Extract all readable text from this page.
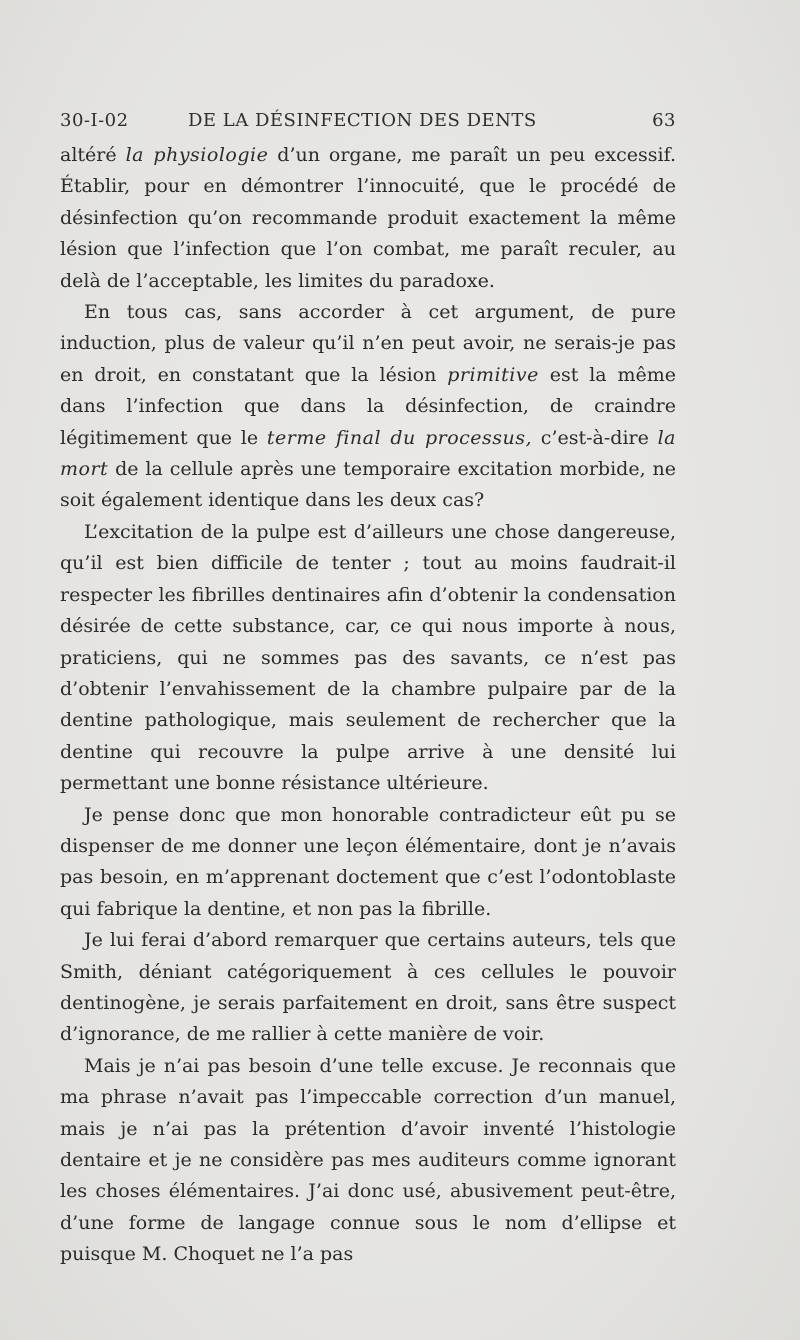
30-I-02	DE LA DÉSINFECTION DES DENTS	63

altéré la physiologie d’un organe, me paraît un peu excessif. Établir, pour en démontrer l’innocuité, que le procédé de désinfection qu’on recommande produit exactement la même lésion que l’infection que l’on combat, me paraît reculer, au delà de l’acceptable, les limites du paradoxe.

En tous cas, sans accorder à cet argument, de pure induction, plus de valeur qu’il n’en peut avoir, ne serais-je pas en droit, en constatant que la lésion primitive est la même dans l’infection que dans la désinfection, de craindre légitimement que le terme final du processus, c’est-à-dire la mort de la cellule après une temporaire excitation morbide, ne soit également identique dans les deux cas?

L’excitation de la pulpe est d’ailleurs une chose dangereuse, qu’il est bien difficile de tenter ; tout au moins faudrait-il respecter les fibrilles dentinaires afin d’obtenir la condensation désirée de cette substance, car, ce qui nous importe à nous, praticiens, qui ne sommes pas des savants, ce n’est pas d’obtenir l’envahissement de la chambre pulpaire par de la dentine pathologique, mais seulement de rechercher que la dentine qui recouvre la pulpe arrive à une densité lui permettant une bonne résistance ultérieure.

Je pense donc que mon honorable contradicteur eût pu se dispenser de me donner une leçon élémentaire, dont je n’avais pas besoin, en m’apprenant doctement que c’est l’odontoblaste qui fabrique la dentine, et non pas la fibrille.

Je lui ferai d’abord remarquer que certains auteurs, tels que Smith, déniant catégoriquement à ces cellules le pouvoir dentinogène, je serais parfaitement en droit, sans être suspect d’ignorance, de me rallier à cette manière de voir.

Mais je n’ai pas besoin d’une telle excuse. Je reconnais que ma phrase n’avait pas l’impeccable correction d’un manuel, mais je n’ai pas la prétention d’avoir inventé l’histologie dentaire et je ne considère pas mes auditeurs comme ignorant les choses élémentaires. J’ai donc usé, abusivement peut-être, d’une forme de langage connue sous le nom d’ellipse et puisque M. Choquet ne l’a pas
